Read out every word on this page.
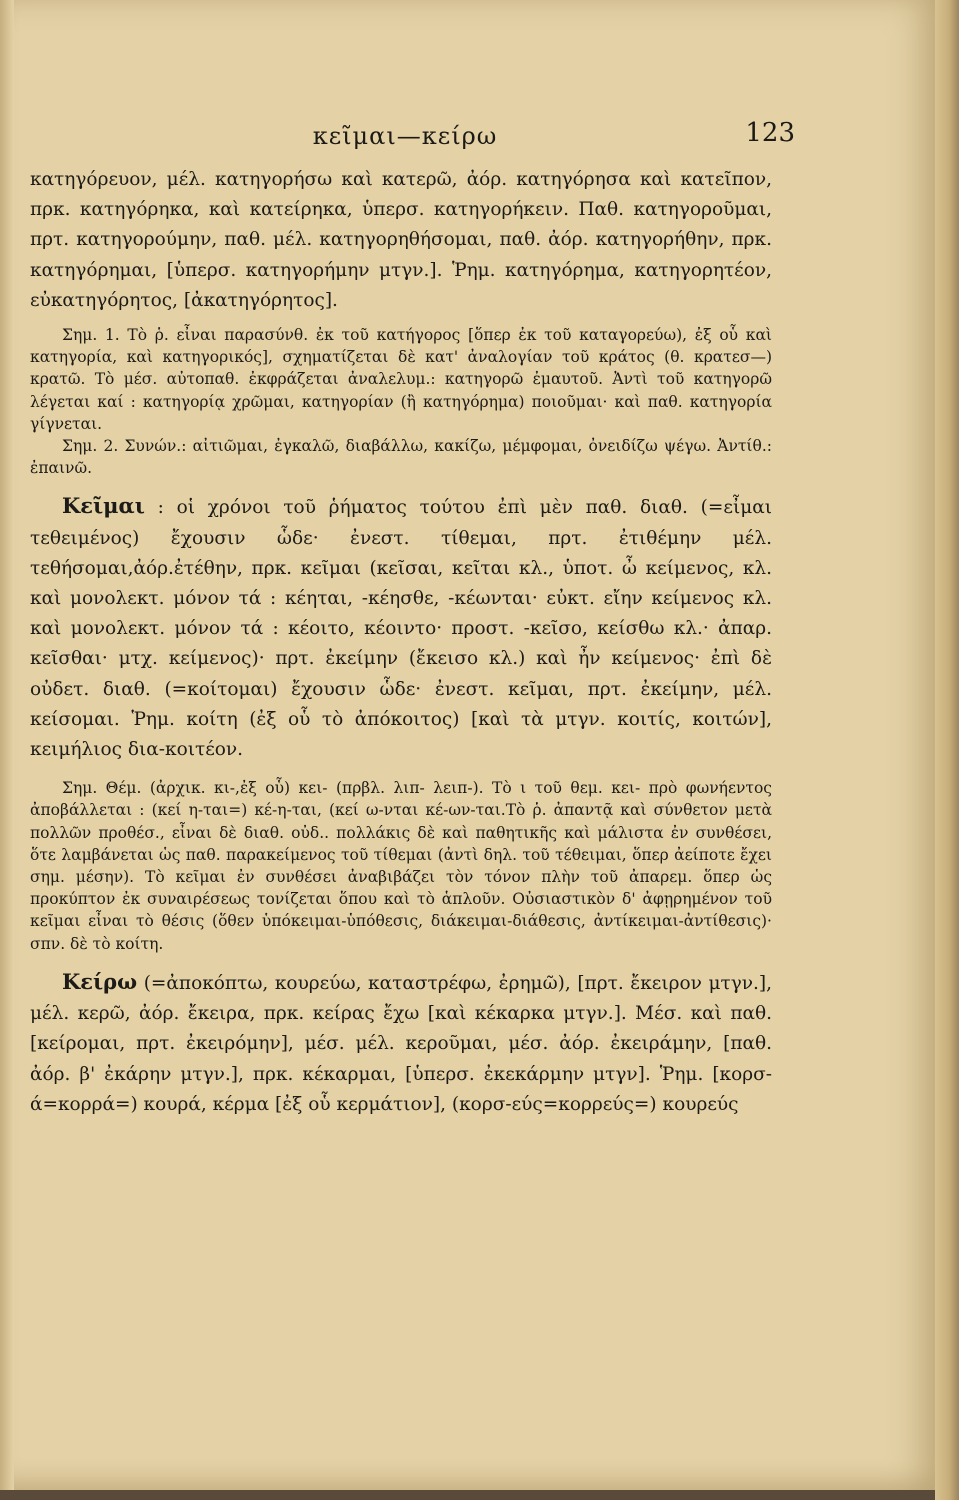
κεῖμαι—κείρω	123

κατηγόρευον, μέλ. κατηγορήσω καὶ κατερῶ, ἀόρ. κατηγόρησα καὶ κατεῖπον, πρκ. κατηγόρηκα, καὶ κατείρηκα, ὑπερσ. κατηγορήκειν. Παθ. κατηγοροῦμαι, πρτ. κατηγορούμην, παθ. μέλ. κατηγορηθήσομαι, παθ. ἀόρ. κατηγορήθην, πρκ. κατηγόρημαι, [ὑπερσ. κατηγορήμην μτγν.]. Ῥημ. κατηγόρημα, κατηγορητέον, εὐκατηγόρητος, [ἀκατηγόρητος].

Σημ. 1. Τὸ ῥ. εἶναι παρασύνθ. ἐκ τοῦ κατήγορος [ὅπερ ἐκ τοῦ καταγορεύω), ἐξ οὗ καὶ κατηγορία, καὶ κατηγορικός], σχηματίζεται δὲ κατ' ἀναλογίαν τοῦ κράτος (θ. κρατεσ—) κρατῶ. Τὸ μέσ. αὐτοπαθ. ἐκφράζεται ἀναλελυμ.: κατηγορῶ ἐμαυτοῦ. Ἀντὶ τοῦ κατηγορῶ λέγεται καί : κατηγορίᾳ χρῶμαι, κατηγορίαν (ἢ κατηγόρημα) ποιοῦμαι· καὶ παθ. κατηγορία γίγνεται.

Σημ. 2. Συνών.: αἰτιῶμαι, ἐγκαλῶ, διαβάλλω, κακίζω, μέμφομαι, ὀνειδίζω ψέγω. Ἀντίθ.: ἐπαινῶ.

Κεῖμαι : οἱ χρόνοι τοῦ ῥήματος τούτου ἐπὶ μὲν παθ. διαθ. (=εἶμαι τεθειμένος) ἔχουσιν ὧδε· ἐνεστ. τίθεμαι, πρτ. ἐτιθέμην μέλ. τεθήσομαι,ἀόρ.ἐτέθην, πρκ. κεῖμαι (κεῖσαι, κεῖται κλ., ὑποτ. ὦ κείμενος, κλ. καὶ μονολεκτ. μόνον τά : κέηται, -κέησθε, -κέωνται· εὐκτ. εἴην κείμενος κλ. καὶ μονολεκτ. μόνον τά : κέοιτο, κέοιντο· προστ. -κεῖσο, κείσθω κλ.· ἀπαρ. κεῖσθαι· μτχ. κείμενος)· πρτ. ἐκείμην (ἔκεισο κλ.) καὶ ἦν κείμενος· ἐπὶ δὲ οὐδετ. διαθ. (=κοίτομαι) ἔχουσιν ὧδε· ἐνεστ. κεῖμαι, πρτ. ἐκείμην, μέλ. κείσομαι. Ῥημ. κοίτη (ἐξ οὗ τὸ ἀπόκοιτος) [καὶ τὰ μτγν. κοιτίς, κοιτών], κειμήλιος δια-κοιτέον.

Σημ. Θέμ. (ἀρχικ. κι-,ἐξ οὗ) κει- (πρβλ. λιπ- λειπ-). Τὸ ι τοῦ θεμ. κει- πρὸ φωνήεντος ἀποβάλλεται : (κεί η-ται=) κέ-η-ται, (κεί ω-νται κέ-ων-ται.Τὸ ῥ. ἀπαντᾷ καὶ σύνθετον μετὰ πολλῶν προθέσ., εἶναι δὲ διαθ. οὐδ.. πολλάκις δὲ καὶ παθητικῆς καὶ μάλιστα ἐν συνθέσει, ὅτε λαμβάνεται ὡς παθ. παρακείμενος τοῦ τίθεμαι (ἀντὶ δηλ. τοῦ τέθειμαι, ὅπερ ἀείποτε ἔχει σημ. μέσην). Τὸ κεῖμαι ἐν συνθέσει ἀναβιβάζει τὸν τόνον πλὴν τοῦ ἀπαρεμ. ὅπερ ὡς προκύπτον ἐκ συναιρέσεως τονίζεται ὅπου καὶ τὸ ἁπλοῦν. Οὐσιαστικὸν δ' ἀφῃρημένον τοῦ κεῖμαι εἶναι τὸ θέσις (ὅθεν ὑπόκειμαι-ὑπόθεσις, διάκειμαι-διάθεσις, ἀντίκειμαι-ἀντίθεσις)· σπν. δὲ τὸ κοίτη.

Κείρω (=ἀποκόπτω, κουρεύω, καταστρέφω, ἐρημῶ), [πρτ. ἔκειρον μτγν.], μέλ. κερῶ, ἀόρ. ἔκειρα, πρκ. κείρας ἔχω [καὶ κέκαρκα μτγν.]. Μέσ. καὶ παθ. [κείρομαι, πρτ. ἐκειρόμην], μέσ. μέλ. κεροῦμαι, μέσ. ἀόρ. ἐκειράμην, [παθ. ἀόρ. β' ἐκάρην μτγν.], πρκ. κέκαρμαι, [ὑπερσ. ἐκεκάρμην μτγν]. Ῥημ. [κορσ-ά=κορρά=) κουρά, κέρμα [ἐξ οὗ κερμάτιον], (κορσ-εύς=κορρεύς=) κουρεύς
